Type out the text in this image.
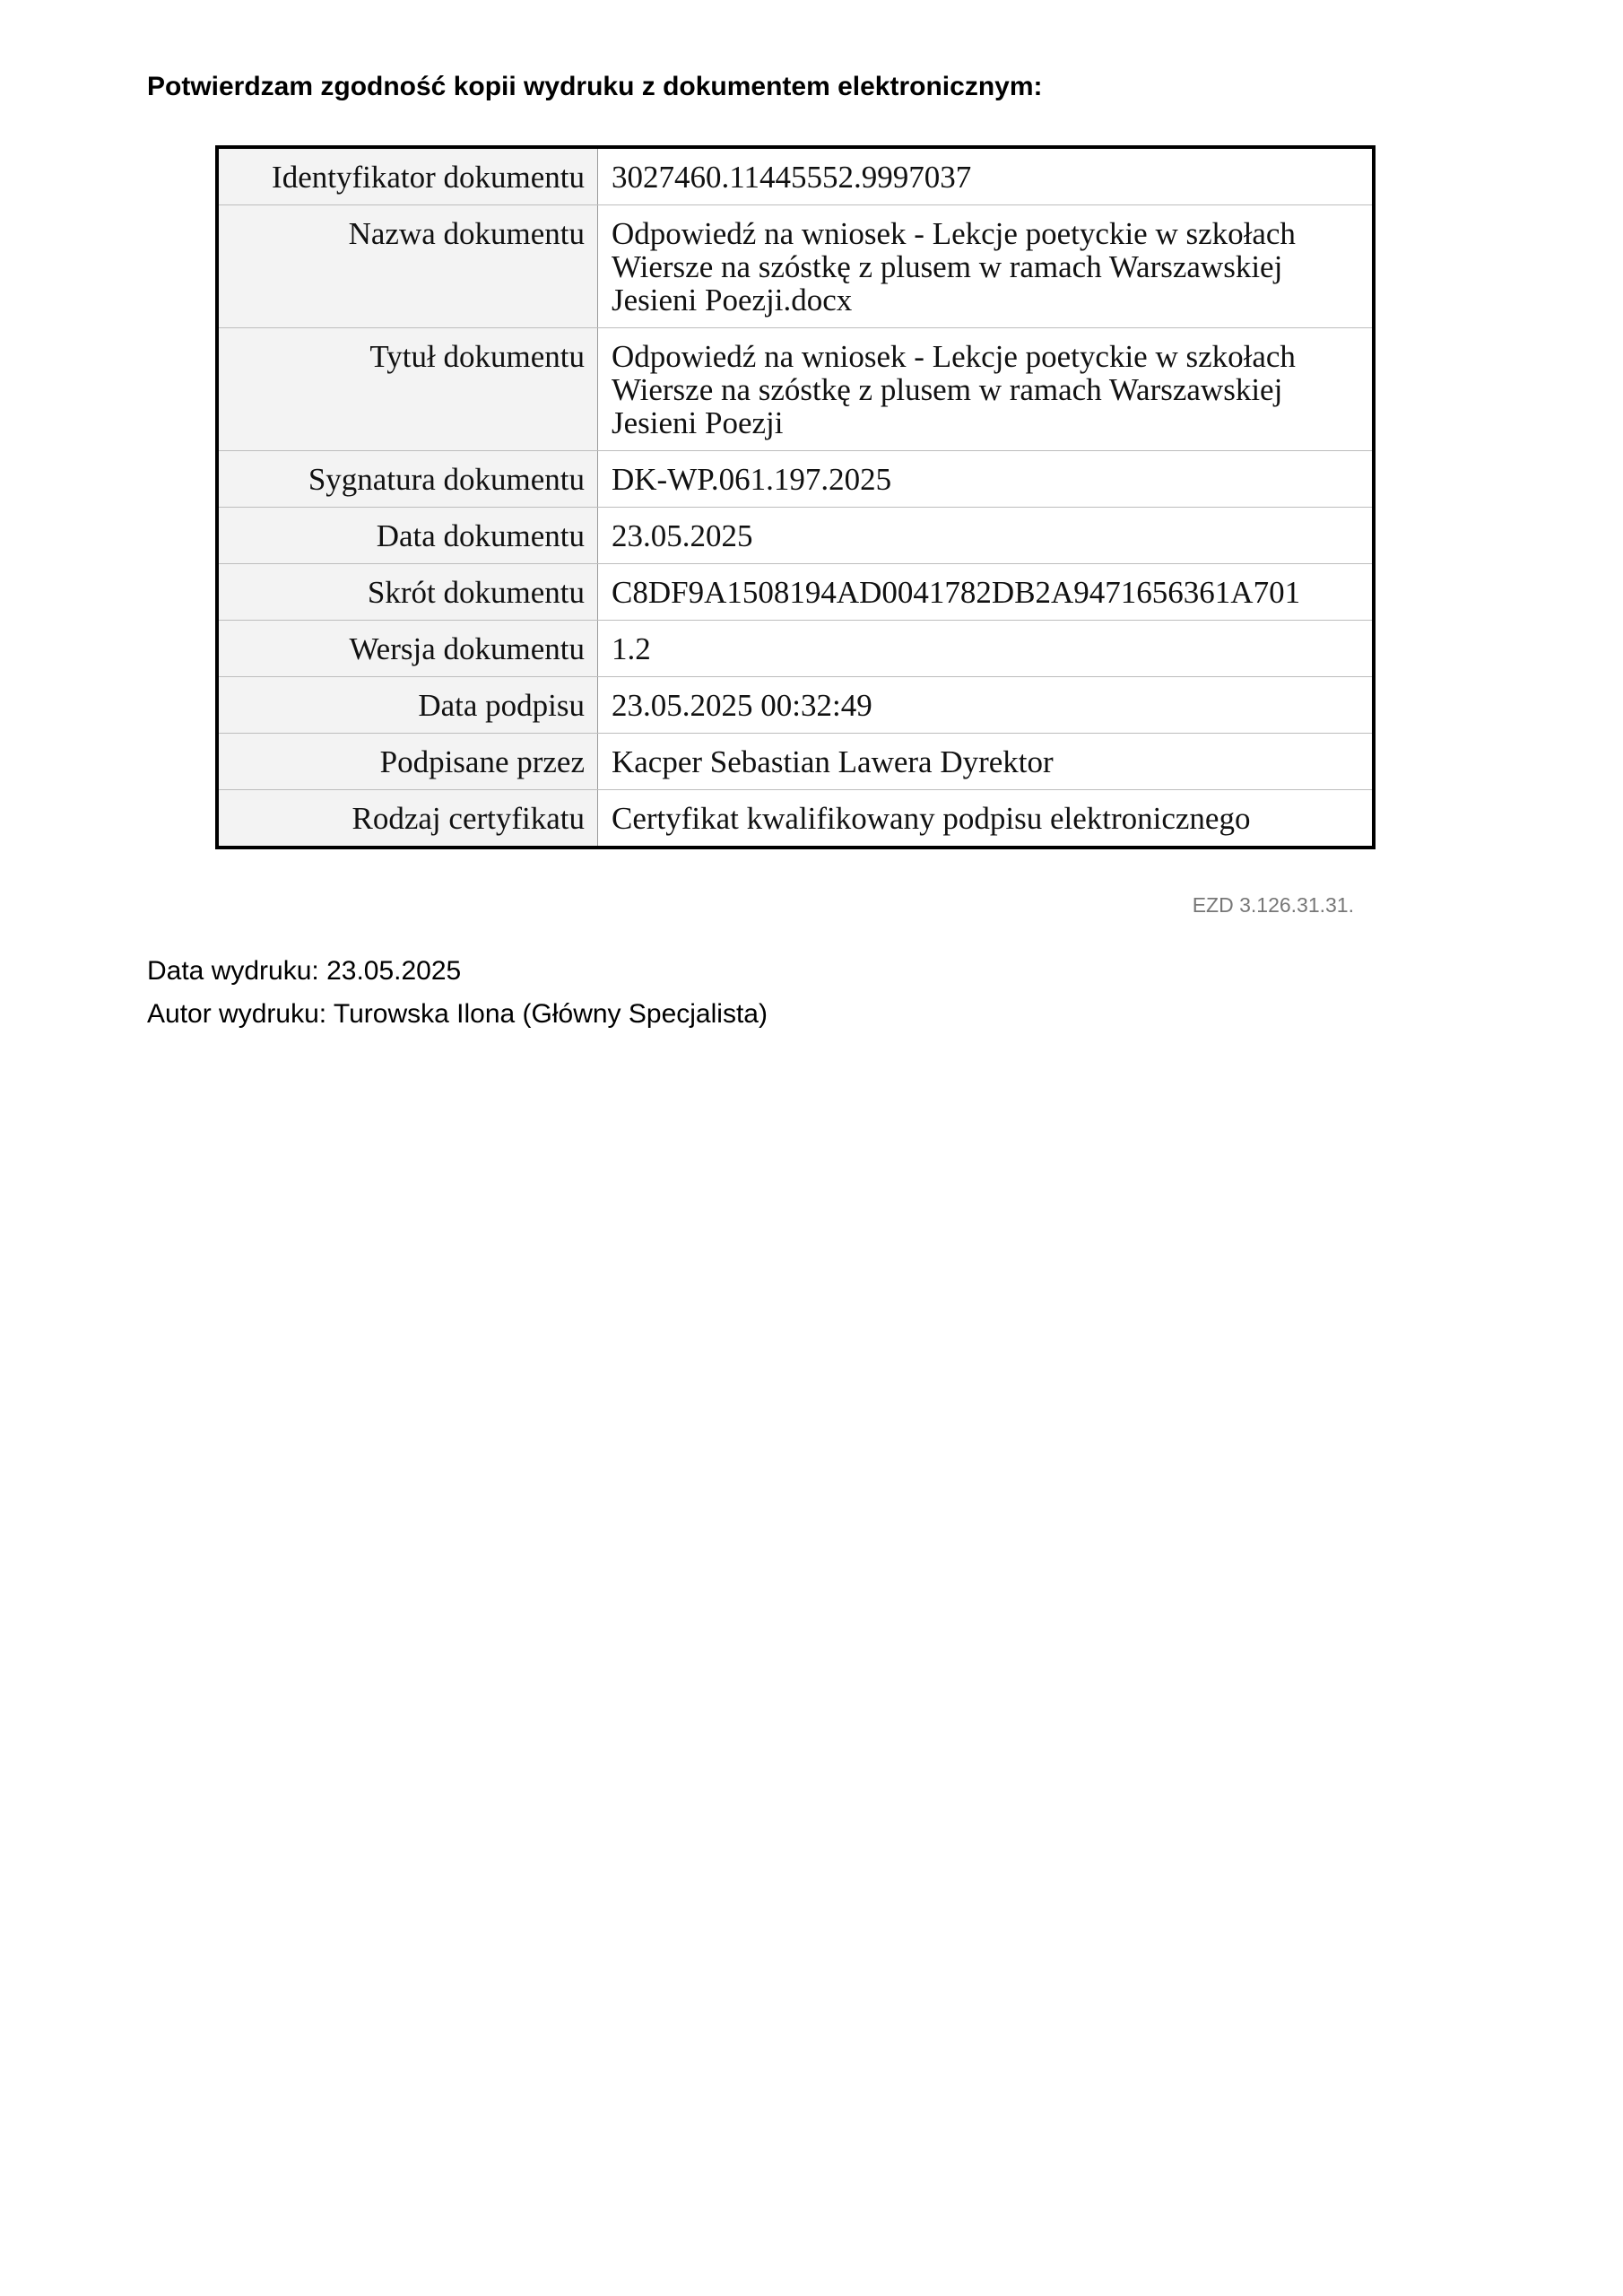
Potwierdzam zgodność kopii wydruku z dokumentem elektronicznym:
Identyfikator dokumentu	3027460.11445552.9997037
Nazwa dokumentu	Odpowiedź na wniosek - Lekcje poetyckie w szkołach Wiersze na szóstkę z plusem w ramach Warszawskiej Jesieni Poezji.docx
Tytuł dokumentu	Odpowiedź na wniosek - Lekcje poetyckie w szkołach Wiersze na szóstkę z plusem w ramach Warszawskiej Jesieni Poezji
Sygnatura dokumentu	DK-WP.061.197.2025
Data dokumentu	23.05.2025
Skrót dokumentu	C8DF9A1508194AD0041782DB2A9471656361A701
Wersja dokumentu	1.2
Data podpisu	23.05.2025 00:32:49
Podpisane przez	Kacper Sebastian Lawera Dyrektor
Rodzaj certyfikatu	Certyfikat kwalifikowany podpisu elektronicznego
EZD 3.126.31.31.
Data wydruku: 23.05.2025
Autor wydruku: Turowska Ilona (Główny Specjalista)
